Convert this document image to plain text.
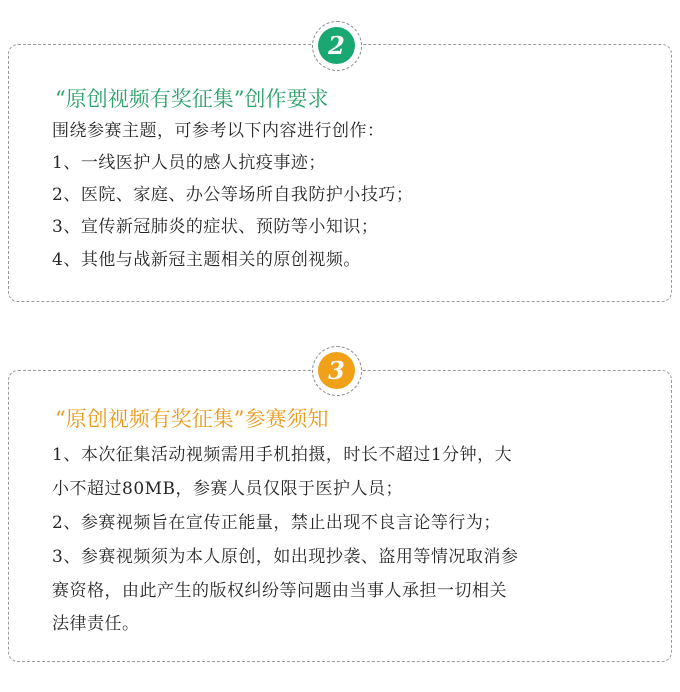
2
“原创视频有奖征集”创作要求
围绕参赛主题，可参考以下内容进行创作：
1、一线医护人员的感人抗疫事迹；
2、医院、家庭、办公等场所自我防护小技巧；
3、宣传新冠肺炎的症状、预防等小知识；
4、其他与战新冠主题相关的原创视频。
3
“原创视频有奖征集”参赛须知
1、本次征集活动视频需用手机拍摄，时长不超过1分钟，大
小不超过80MB，参赛人员仅限于医护人员；
2、参赛视频旨在宣传正能量，禁止出现不良言论等行为；
3、参赛视频须为本人原创，如出现抄袭、盗用等情况取消参
赛资格，由此产生的版权纠纷等问题由当事人承担一切相关
法律责任。
